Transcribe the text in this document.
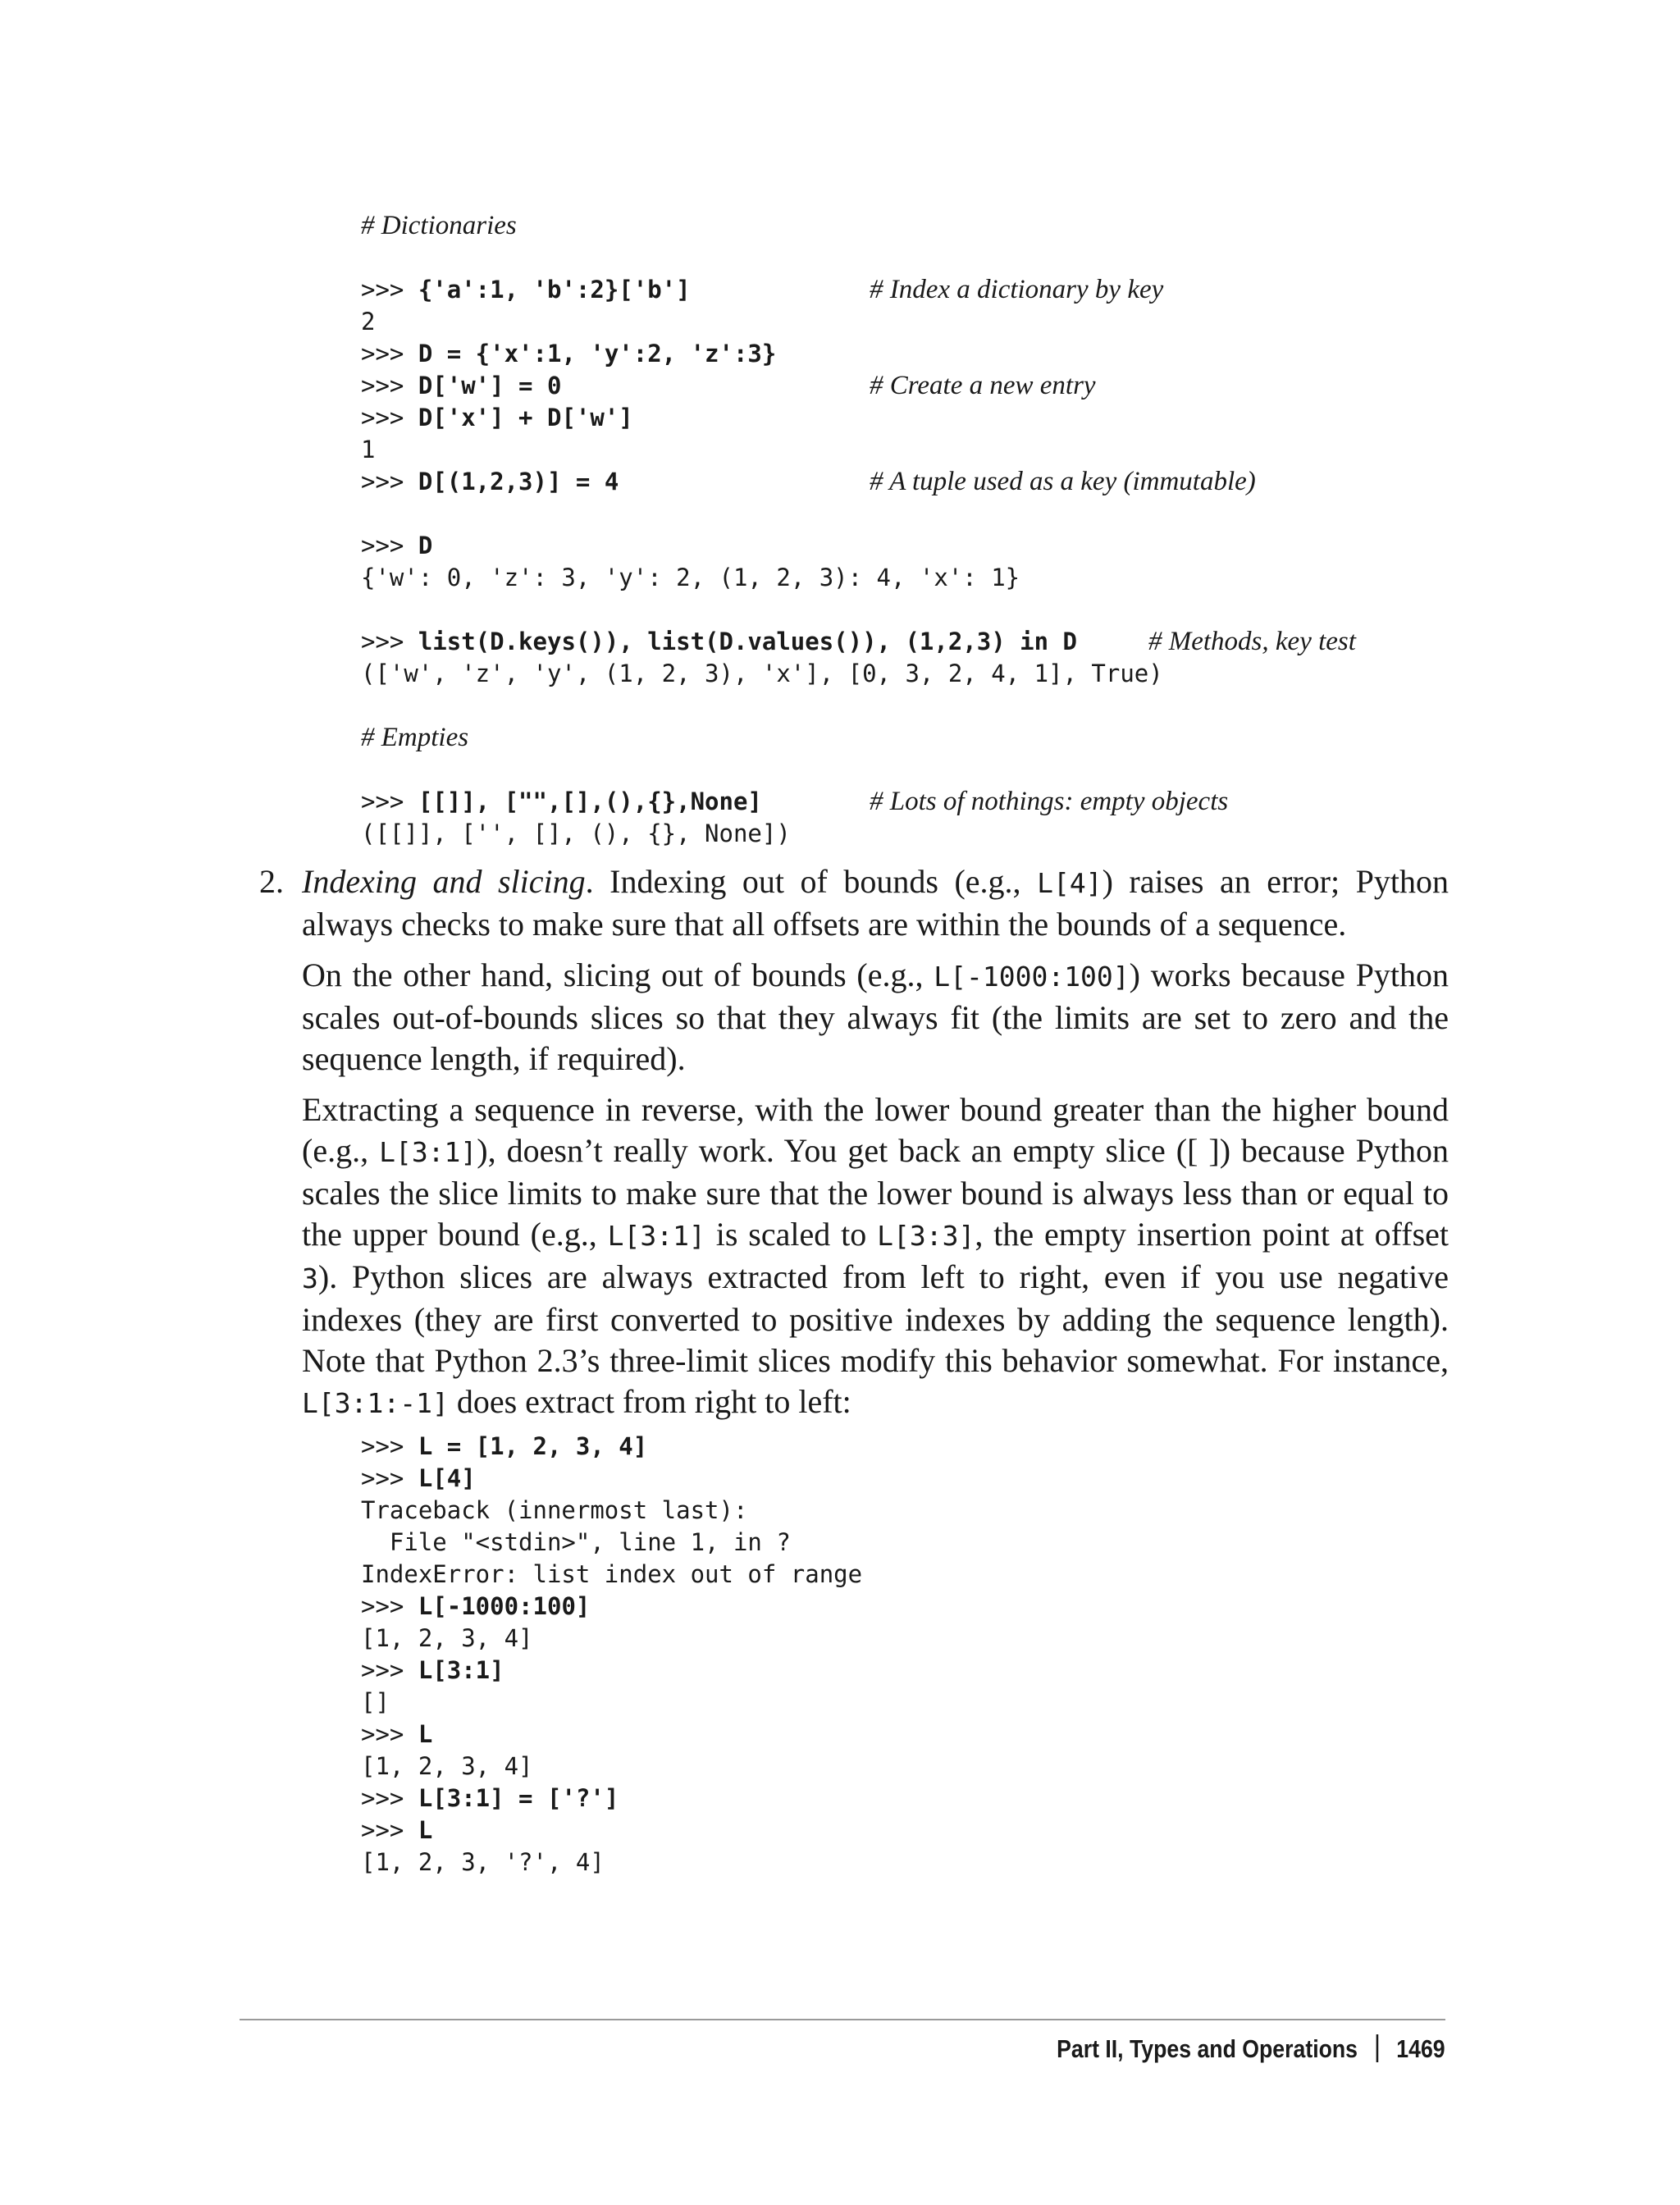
# Dictionaries
>>> {'a':1, 'b':2}['b']	# Index a dictionary by key
2
>>> D = {'x':1, 'y':2, 'z':3}
>>> D['w'] = 0	# Create a new entry
>>> D['x'] + D['w']
1
>>> D[(1,2,3)] = 4	# A tuple used as a key (immutable)
>>> D
{'w': 0, 'z': 3, 'y': 2, (1, 2, 3): 4, 'x': 1}
>>> list(D.keys()), list(D.values()), (1,2,3) in D	# Methods, key test
(['w', 'z', 'y', (1, 2, 3), 'x'], [0, 3, 2, 4, 1], True)
# Empties
>>> [[]], ["",[],(),{},None]	# Lots of nothings: empty objects
([[]], ['', [], (), {}, None])
2. Indexing and slicing. Indexing out of bounds (e.g., L[4]) raises an error; Python always checks to make sure that all offsets are within the bounds of a sequence.
On the other hand, slicing out of bounds (e.g., L[-1000:100]) works because Python scales out-of-bounds slices so that they always fit (the limits are set to zero and the sequence length, if required).
Extracting a sequence in reverse, with the lower bound greater than the higher bound (e.g., L[3:1]), doesn’t really work. You get back an empty slice ([ ]) because Python scales the slice limits to make sure that the lower bound is always less than or equal to the upper bound (e.g., L[3:1] is scaled to L[3:3], the empty insertion point at offset 3). Python slices are always extracted from left to right, even if you use negative indexes (they are first converted to positive indexes by adding the sequence length). Note that Python 2.3’s three-limit slices modify this behavior somewhat. For instance, L[3:1:-1] does extract from right to left:
>>> L = [1, 2, 3, 4]
>>> L[4]
Traceback (innermost last):
File "<stdin>", line 1, in ?
IndexError: list index out of range
>>> L[-1000:100]
[1, 2, 3, 4]
>>> L[3:1]
[]
>>> L
[1, 2, 3, 4]
>>> L[3:1] = ['?']
>>> L
[1, 2, 3, '?', 4]
Part II, Types and Operations 1469
